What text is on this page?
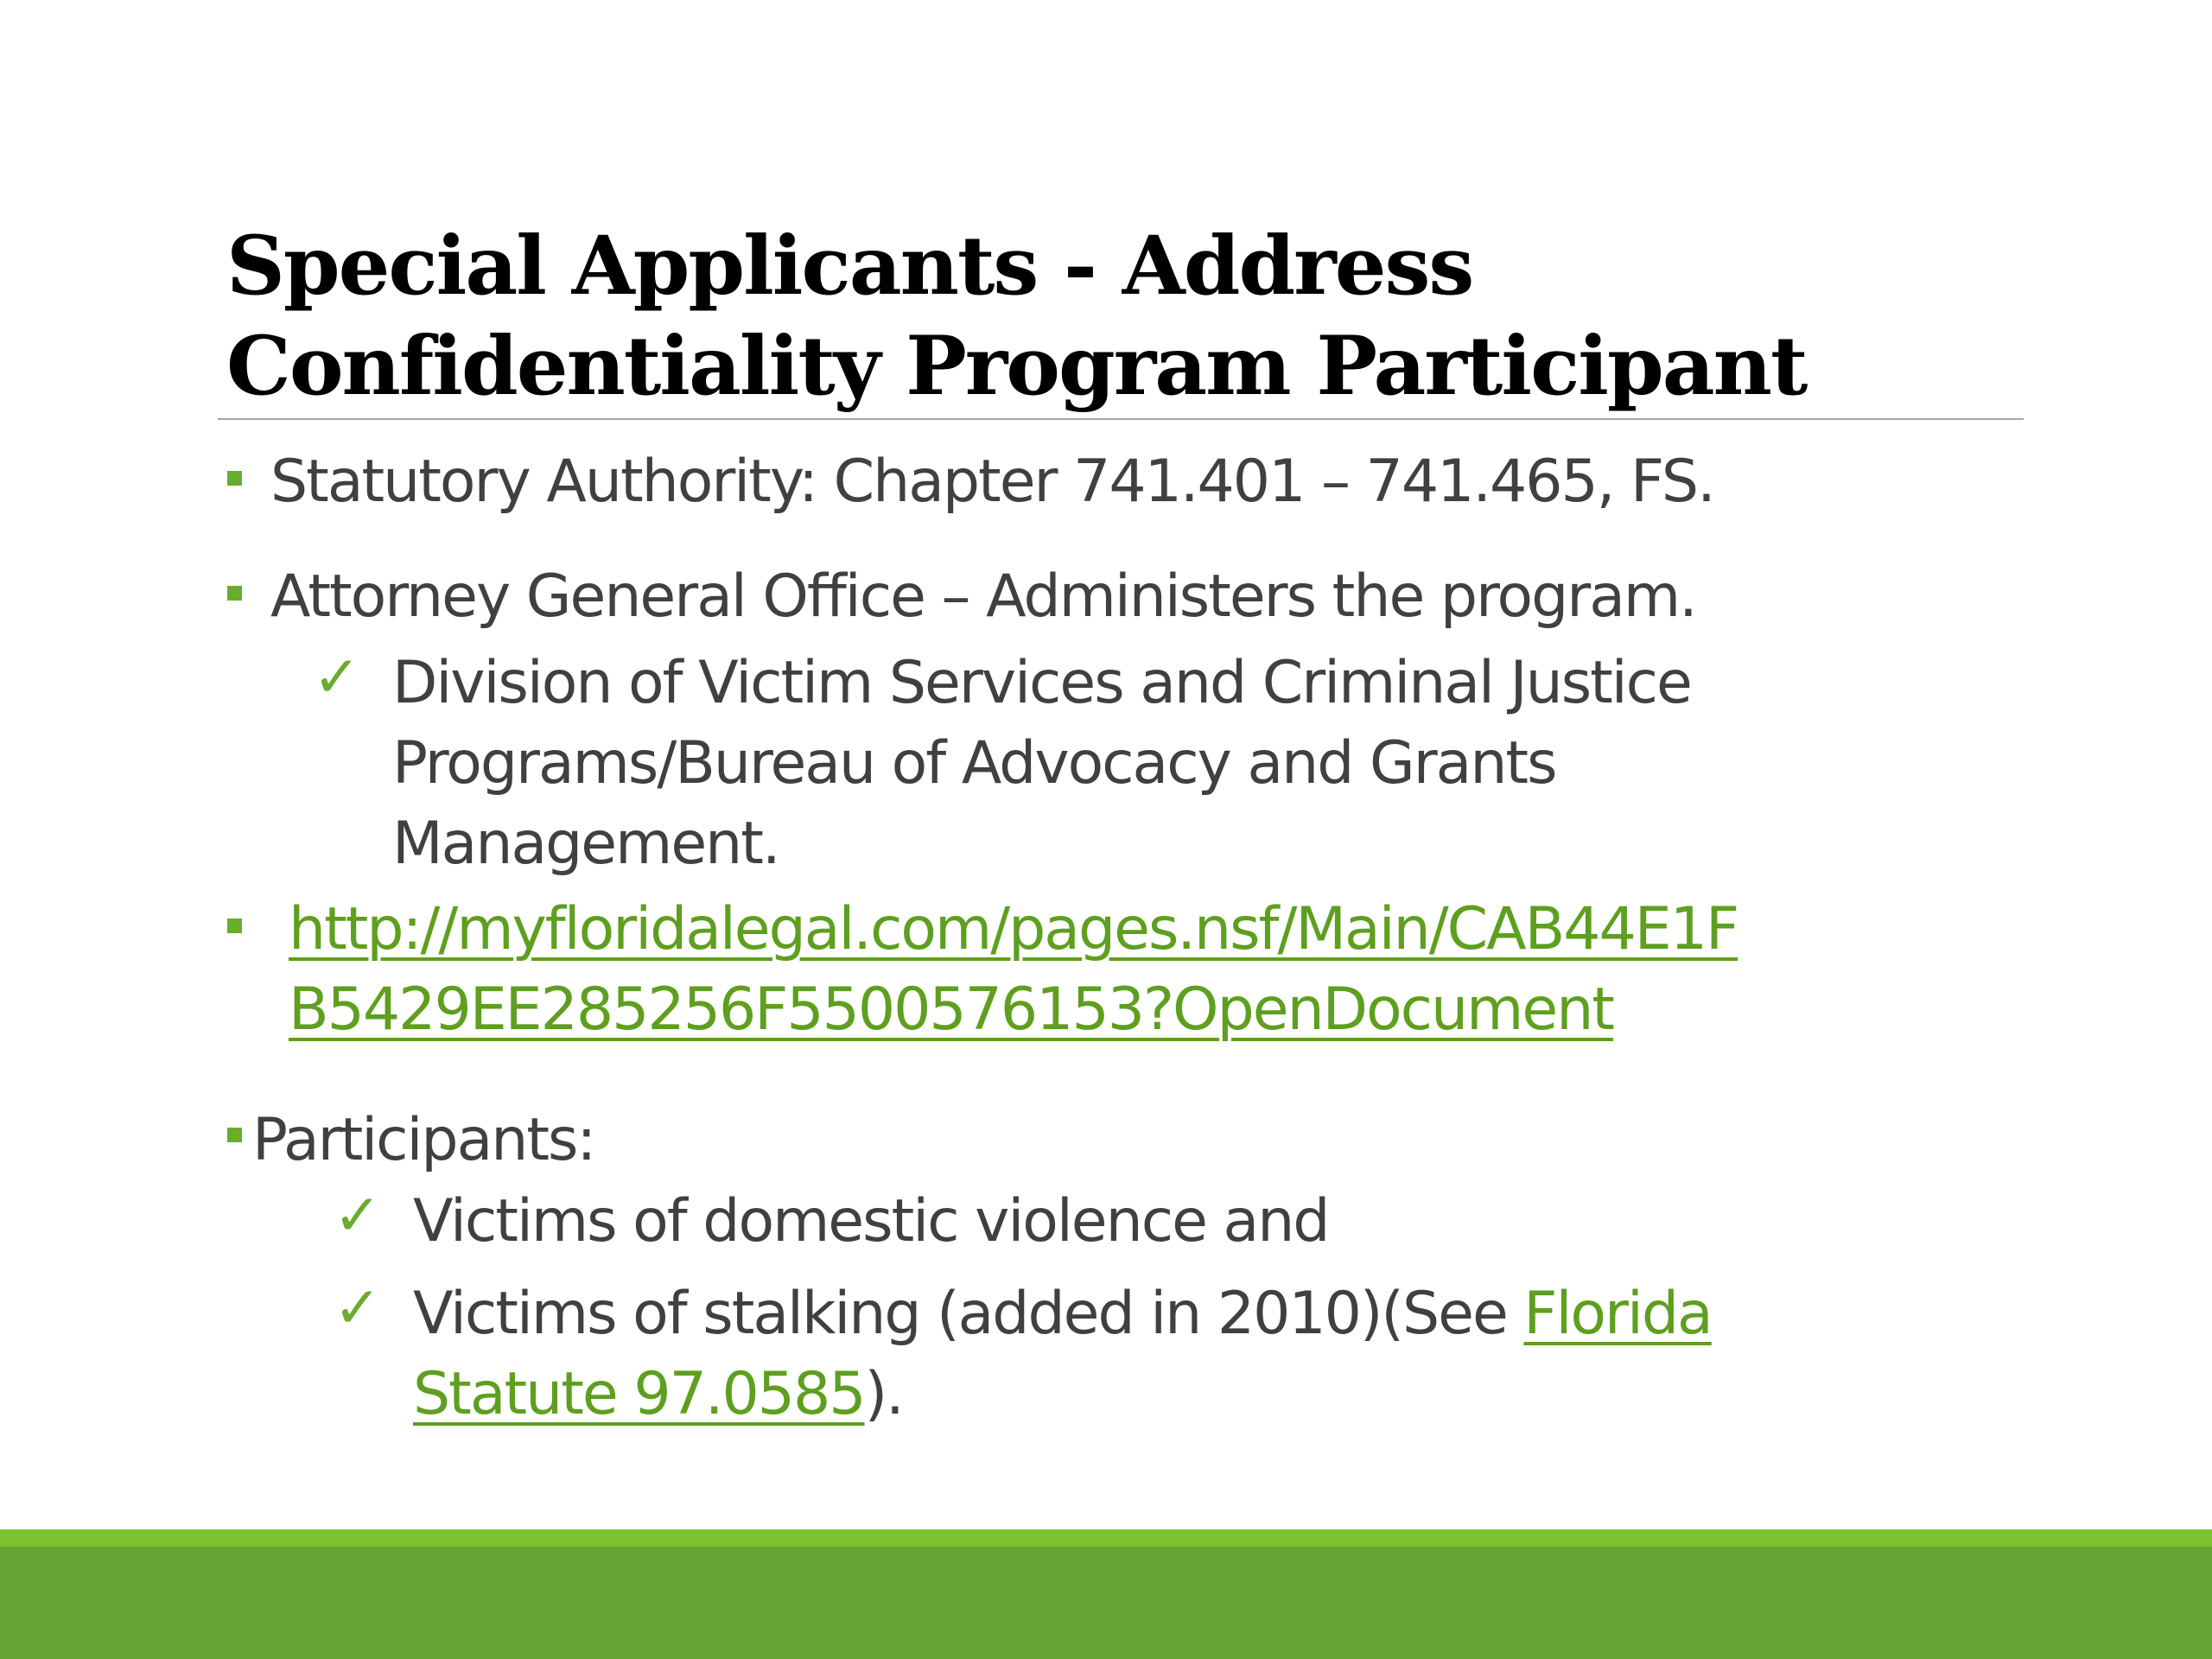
Special Applicants - Address
Confidentiality Program Participant
Statutory Authority: Chapter 741.401 – 741.465, FS.
Attorney General Office – Administers the program.
✓ Division of Victim Services and Criminal Justice
Programs/Bureau of Advocacy and Grants
Management.
http://myfloridalegal.com/pages.nsf/Main/CAB44E1F
B5429EE285256F5500576153?OpenDocument
Participants:
✓ Victims of domestic violence and
✓ Victims of stalking (added in 2010)(See Florida
Statute 97.0585).
